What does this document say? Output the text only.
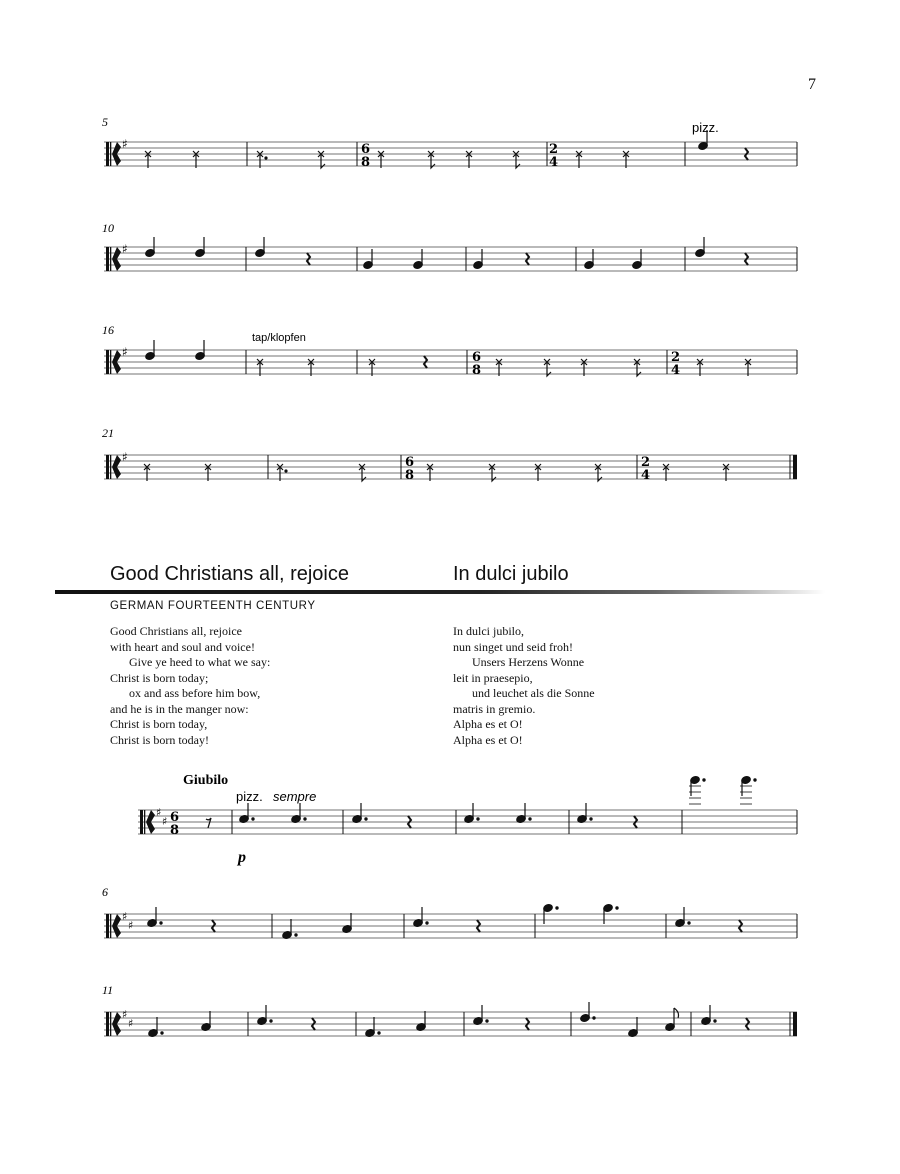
7
5	pizz.
♯	6
8
2
4
10
♯
16
tap/klopfen
♯	6
8
2
4
21
♯	6
8
2
4
Good Christians all, rejoice	In dulci jubilo
GERMAN FOURTEENTH CENTURY
Good Christians all, rejoice
with heart and soul and voice!
Give ye heed to what we say:
Christ is born today;
ox and ass before him bow,
and he is in the manger now:
Christ is born today,
Christ is born today!
In dulci jubilo,
nun singet und seid froh!
Unsers Herzens Wonne
leit in praesepio,
und leuchet als die Sonne
matris in gremio.
Alpha es et O!
Alpha es et O!
Giubilo
pizz. sempre
p
♯
♯ 6
8
6
♯
♯
11
♯
♯
